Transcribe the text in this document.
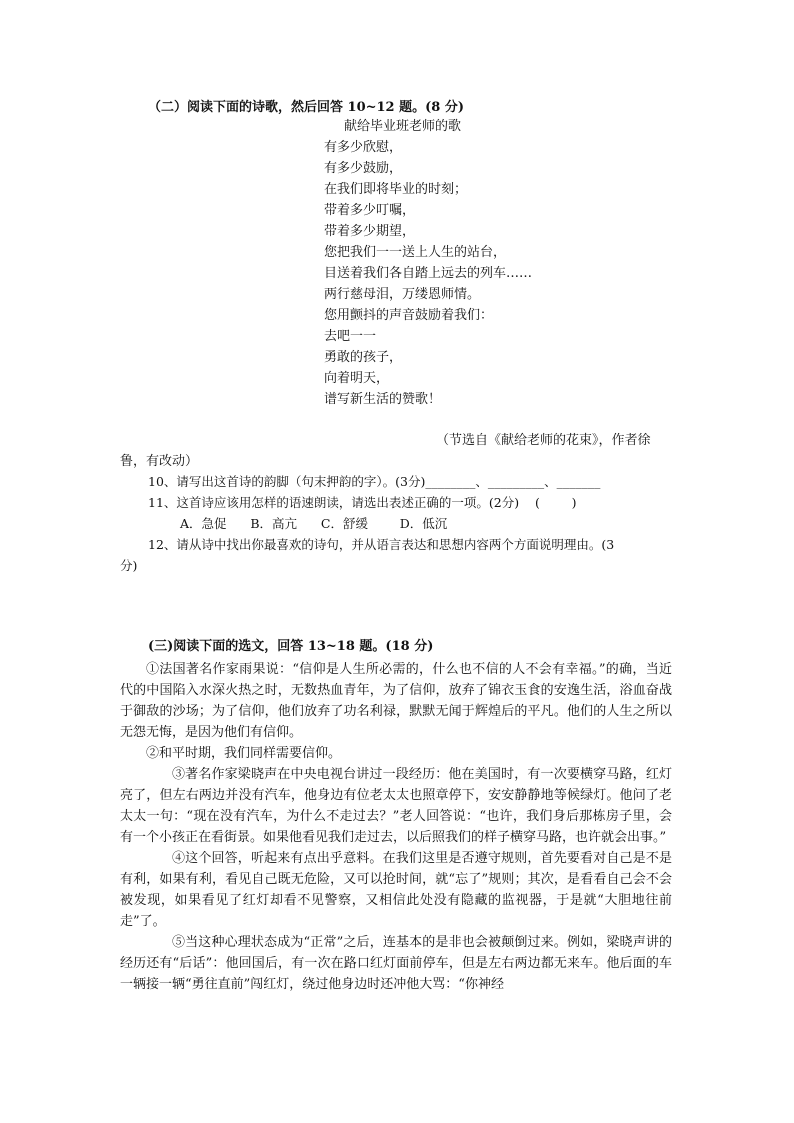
（二）阅读下面的诗歌，然后回答 10~12 题。(8 分)
献给毕业班老师的歌
有多少欣慰，
有多少鼓励，
在我们即将毕业的时刻；
带着多少叮嘱，
带着多少期望，
您把我们一一送上人生的站台，
目送着我们各自踏上远去的列车……
两行慈母泪，万缕恩师情。
您用颤抖的声音鼓励着我们：
去吧一一
勇敢的孩子，
向着明天，
谱写新生活的赞歌！
（节选自《献给老师的花束》，作者徐
鲁，有改动）
10、请写出这首诗的韵脚（句末押韵的字）。(3分)________、_________、_______
11、这首诗应该用怎样的语速朗读，请选出表述正确的一项。(2分)    (        )
A．急促      B．高亢      C．舒缓        D．低沉
12、请从诗中找出你最喜欢的诗句，并从语言表达和思想内容两个方面说明理由。(3
分)
(三)阅读下面的选文，回答 13~18 题。(18 分)

①法国著名作家雨果说：“信仰是人生所必需的，什么也不信的人不会有幸福。”的确，当近代的中国陷入水深火热之时，无数热血青年，为了信仰，放弃了锦衣玉食的安逸生活，浴血奋战于御敌的沙场；为了信仰，他们放弃了功名利禄，默默无闻于辉煌后的平凡。他们的人生之所以无怨无悔，是因为他们有信仰。

②和平时期，我们同样需要信仰。

③著名作家梁晓声在中央电视台讲过一段经历：他在美国时，有一次要横穿马路，红灯亮了，但左右两边并没有汽车，他身边有位老太太也照章停下，安安静静地等候绿灯。他问了老太太一句：“现在没有汽车，为什么不走过去？”老人回答说：“也许，我们身后那栋房子里，会有一个小孩正在看街景。如果他看见我们走过去，以后照我们的样子横穿马路，也许就会出事。”

④这个回答，听起来有点出乎意料。在我们这里是否遵守规则，首先要看对自己是不是有利，如果有利，看见自己既无危险，又可以抢时间，就“忘了”规则；其次，是看看自己会不会被发现，如果看见了红灯却看不见警察，又相信此处没有隐藏的监视器，于是就“大胆地往前走”了。

⑤当这种心理状态成为“正常”之后，连基本的是非也会被颠倒过来。例如，梁晓声讲的经历还有“后话”：他回国后，有一次在路口红灯面前停车，但是左右两边都无来车。他后面的车一辆接一辆“勇往直前”闯红灯，绕过他身边时还冲他大骂：“你神经
